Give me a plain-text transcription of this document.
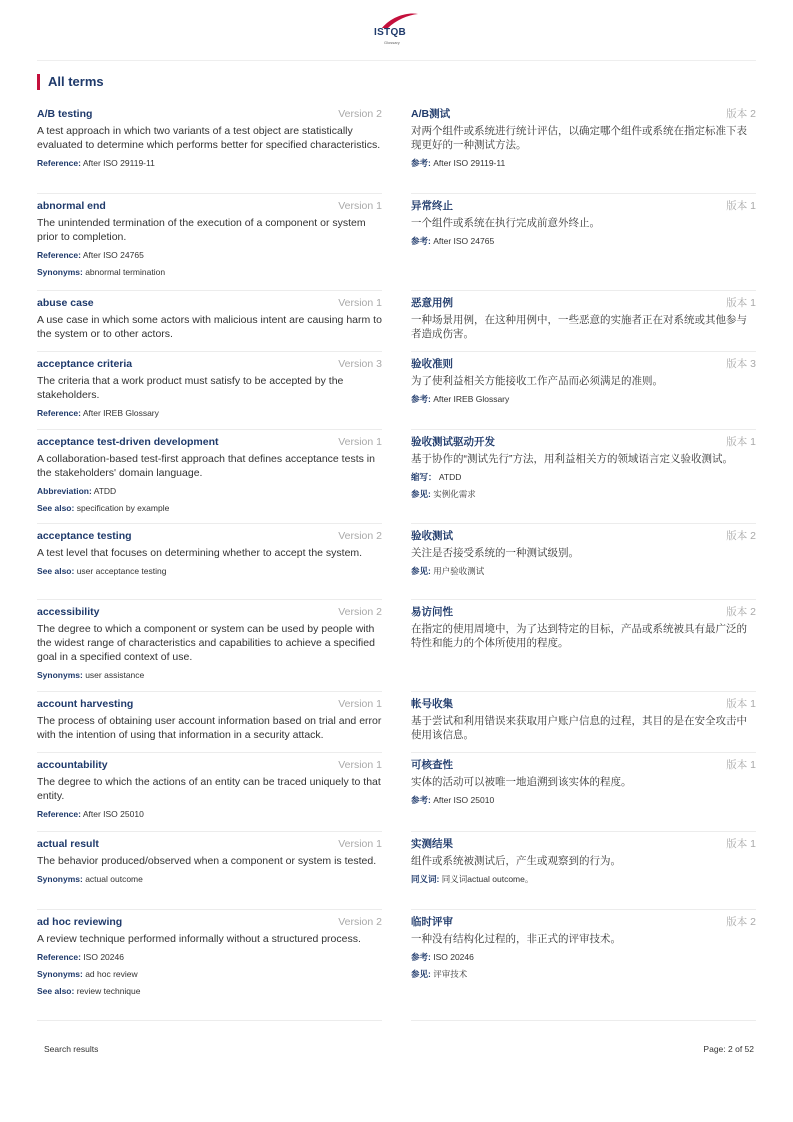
ISTQB
Glossary
All terms
A/B testing	Version 2
A test approach in which two variants of a test object are statistically evaluated to determine which performs better for specified characteristics.
Reference: After ISO 29119-11
A/B测试	版本 2
对两个组件或系统进行统计评估，以确定哪个组件或系统在指定标准下表现更好的一种测试方法。
参考: After ISO 29119-11
abnormal end	Version 1
The unintended termination of the execution of a component or system prior to completion.
Reference: After ISO 24765
Synonyms: abnormal termination
异常终止	版本 1
一个组件或系统在执行完成前意外终止。
参考: After ISO 24765
abuse case	Version 1
A use case in which some actors with malicious intent are causing harm to the system or to other actors.
恶意用例	版本 1
一种场景用例，在这种用例中，一些恶意的实施者正在对系统或其他参与者造成伤害。
acceptance criteria	Version 3
The criteria that a work product must satisfy to be accepted by the stakeholders.
Reference: After IREB Glossary
验收准则	版本 3
为了使利益相关方能接收工作产品而必须满足的准则。
参考: After IREB Glossary
acceptance test-driven development	Version 1
A collaboration-based test-first approach that defines acceptance tests in the stakeholders' domain language.
Abbreviation: ATDD
See also: specification by example
验收测试驱动开发	版本 1
基于协作的“测试先行”方法，用利益相关方的领域语言定义验收测试。
缩写： ATDD
参见: 实例化需求
acceptance testing	Version 2
A test level that focuses on determining whether to accept the system.
See also: user acceptance testing
验收测试	版本 2
关注是否接受系统的一种测试级别。
参见: 用户验收测试
accessibility	Version 2
The degree to which a component or system can be used by people with the widest range of characteristics and capabilities to achieve a specified goal in a specified context of use.
Synonyms: user assistance
易访问性	版本 2
在指定的使用周境中，为了达到特定的目标，产品或系统被具有最广泛的特性和能力的个体所使用的程度。
account harvesting	Version 1
The process of obtaining user account information based on trial and error with the intention of using that information in a security attack.
帐号收集	版本 1
基于尝试和利用错误来获取用户账户信息的过程，其目的是在安全攻击中使用该信息。
accountability	Version 1
The degree to which the actions of an entity can be traced uniquely to that entity.
Reference: After ISO 25010
可核查性	版本 1
实体的活动可以被唯一地追溯到该实体的程度。
参考: After ISO 25010
actual result	Version 1
The behavior produced/observed when a component or system is tested.
Synonyms: actual outcome
实测结果	版本 1
组件或系统被测试后，产生或观察到的行为。
同义词: 同义词actual outcome。
ad hoc reviewing	Version 2
A review technique performed informally without a structured process.
Reference: ISO 20246
Synonyms: ad hoc review
See also: review technique
临时评审	版本 2
一种没有结构化过程的，非正式的评审技术。
参考: ISO 20246
参见: 评审技术
Search results	Page: 2 of 52
